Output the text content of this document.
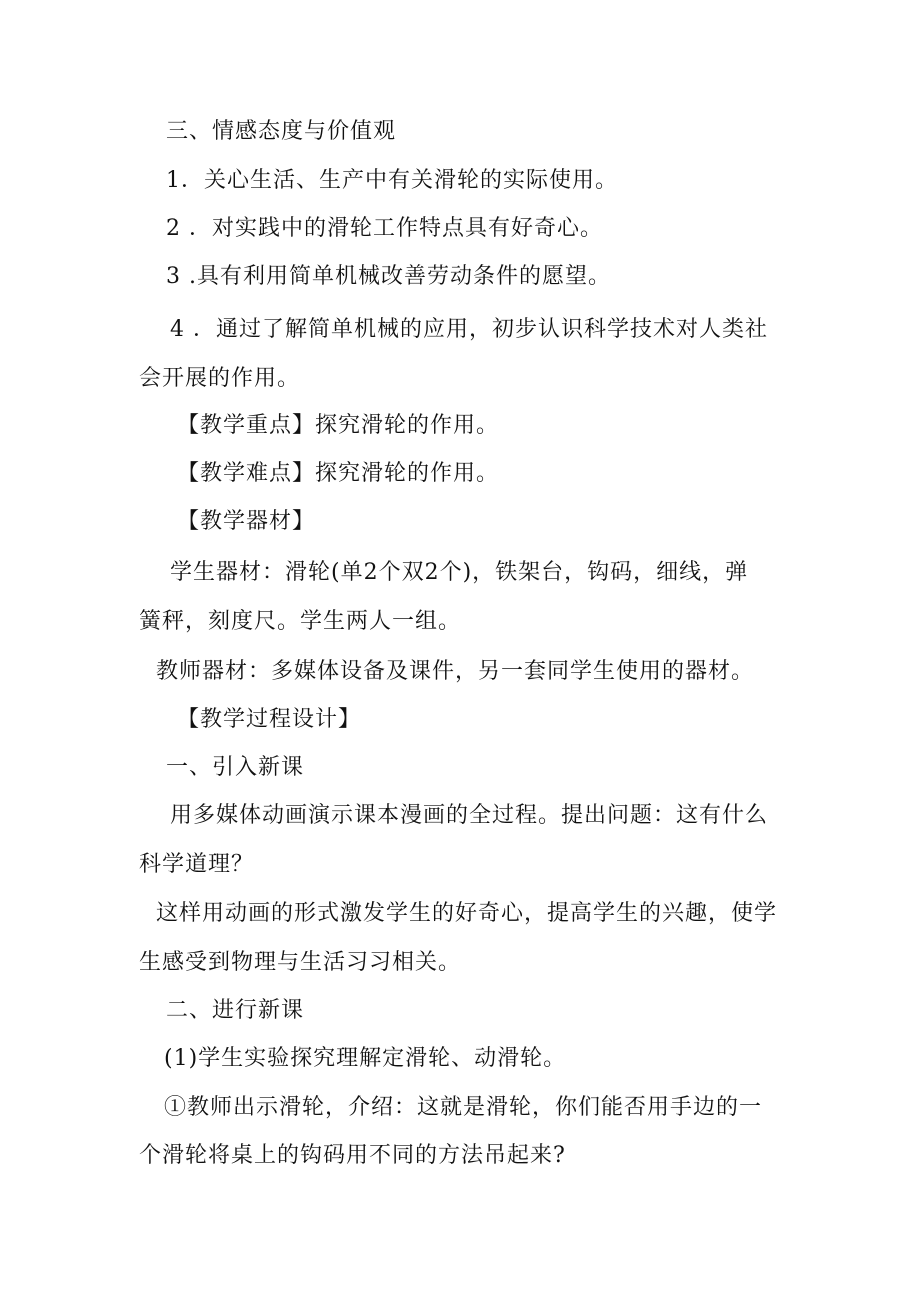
三、情感态度与价值观
1．关心生活、生产中有关滑轮的实际使用。
2 ．对实践中的滑轮工作特点具有好奇心。
3 .具有利用简单机械改善劳动条件的愿望。
4 ．通过了解简单机械的应用，初步认识科学技术对人类社
会开展的作用。
【教学重点】探究滑轮的作用。
【教学难点】探究滑轮的作用。
【教学器材】
学生器材：滑轮(单2个双2个)，铁架台，钩码，细线，弹
簧秤，刻度尺。学生两人一组。
教师器材：多媒体设备及课件，另一套同学生使用的器材。
【教学过程设计】
一、引入新课
用多媒体动画演示课本漫画的全过程。提出问题：这有什么
科学道理？
这样用动画的形式激发学生的好奇心，提高学生的兴趣，使学
生感受到物理与生活习习相关。
二、进行新课
(1)学生实验探究理解定滑轮、动滑轮。
①教师出示滑轮，介绍：这就是滑轮，你们能否用手边的一
个滑轮将桌上的钩码用不同的方法吊起来?
